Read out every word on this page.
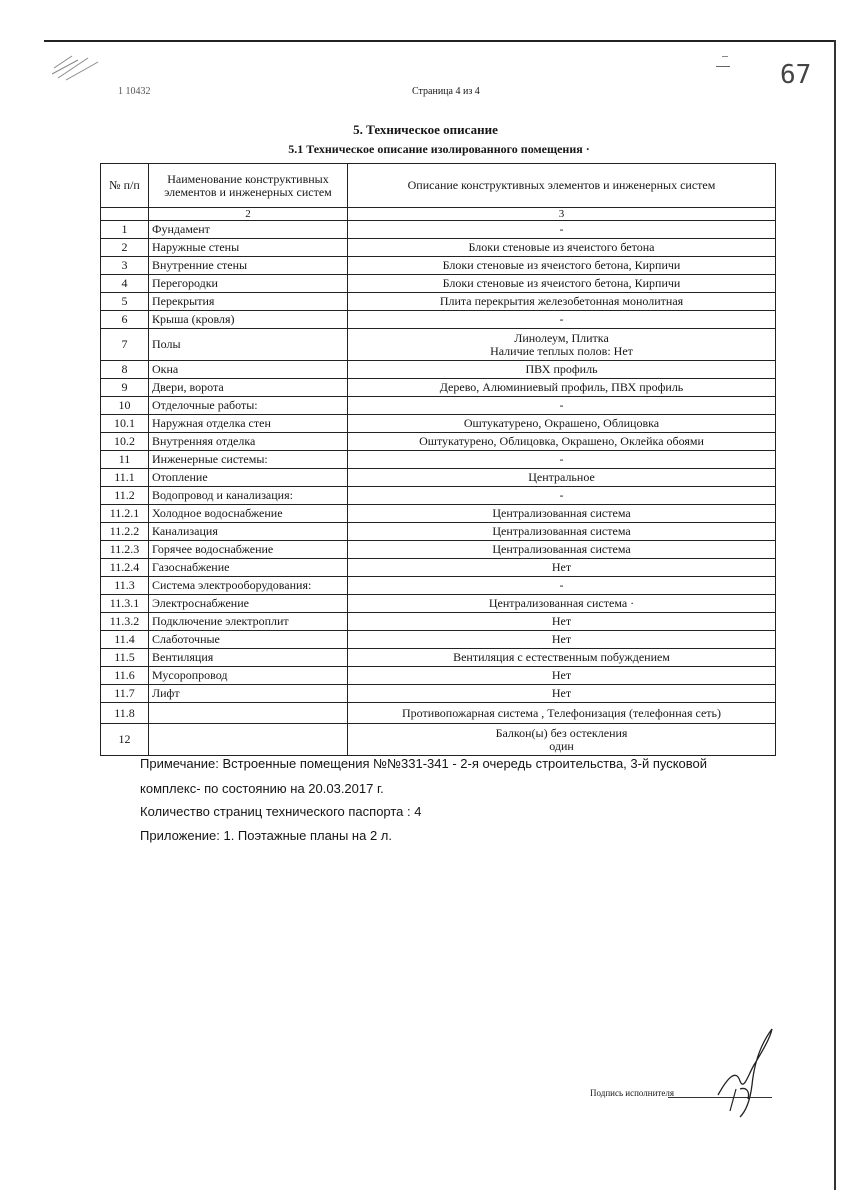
1 10432	Страница 4 из 4
67
5. Техническое описание
5.1 Техническое описание изолированного помещения ·
№ п/п	Наименование конструктивных элементов и инженерных систем	Описание конструктивных элементов и инженерных систем
	2	3
1	Фундамент	-
2	Наружные стены	Блоки стеновые из ячеистого бетона
3	Внутренние стены	Блоки стеновые из ячеистого бетона, Кирпичи
4	Перегородки	Блоки стеновые из ячеистого бетона, Кирпичи
5	Перекрытия	Плита перекрытия железобетонная монолитная
6	Крыша (кровля)	-
7	Полы	Линолеум, Плитка
Наличие теплых полов: Нет
8	Окна	ПВХ профиль
9	Двери, ворота	Дерево, Алюминиевый профиль, ПВХ профиль
10	Отделочные работы:	-
10.1	Наружная отделка стен	Оштукатурено, Окрашено, Облицовка
10.2	Внутренняя отделка	Оштукатурено, Облицовка, Окрашено, Оклейка обоями
11	Инженерные системы:	-
11.1	Отопление	Центральное
11.2	Водопровод и канализация:	-
11.2.1	Холодное водоснабжение	Централизованная система
11.2.2	Канализация	Централизованная система
11.2.3	Горячее водоснабжение	Централизованная система
11.2.4	Газоснабжение	Нет
11.3	Система электрооборудования:	-
11.3.1	Электроснабжение	Централизованная система ·
11.3.2	Подключение электроплит	Нет
11.4	Слаботочные	Нет
11.5	Вентиляция	Вентиляция с естественным побуждением
11.6	Мусоропровод	Нет
11.7	Лифт	Нет
11.8		Противопожарная система , Телефонизация (телефонная сеть)
12		Балкон(ы) без остекления
один
Примечание: Встроенные помещения №№331-341 - 2-я очередь строительства, 3-й пусковой
комплекс- по состоянию на 20.03.2017 г.
Количество страниц технического паспорта : 4
Приложение: 1. Поэтажные планы на 2 л.
Подпись исполнителя
